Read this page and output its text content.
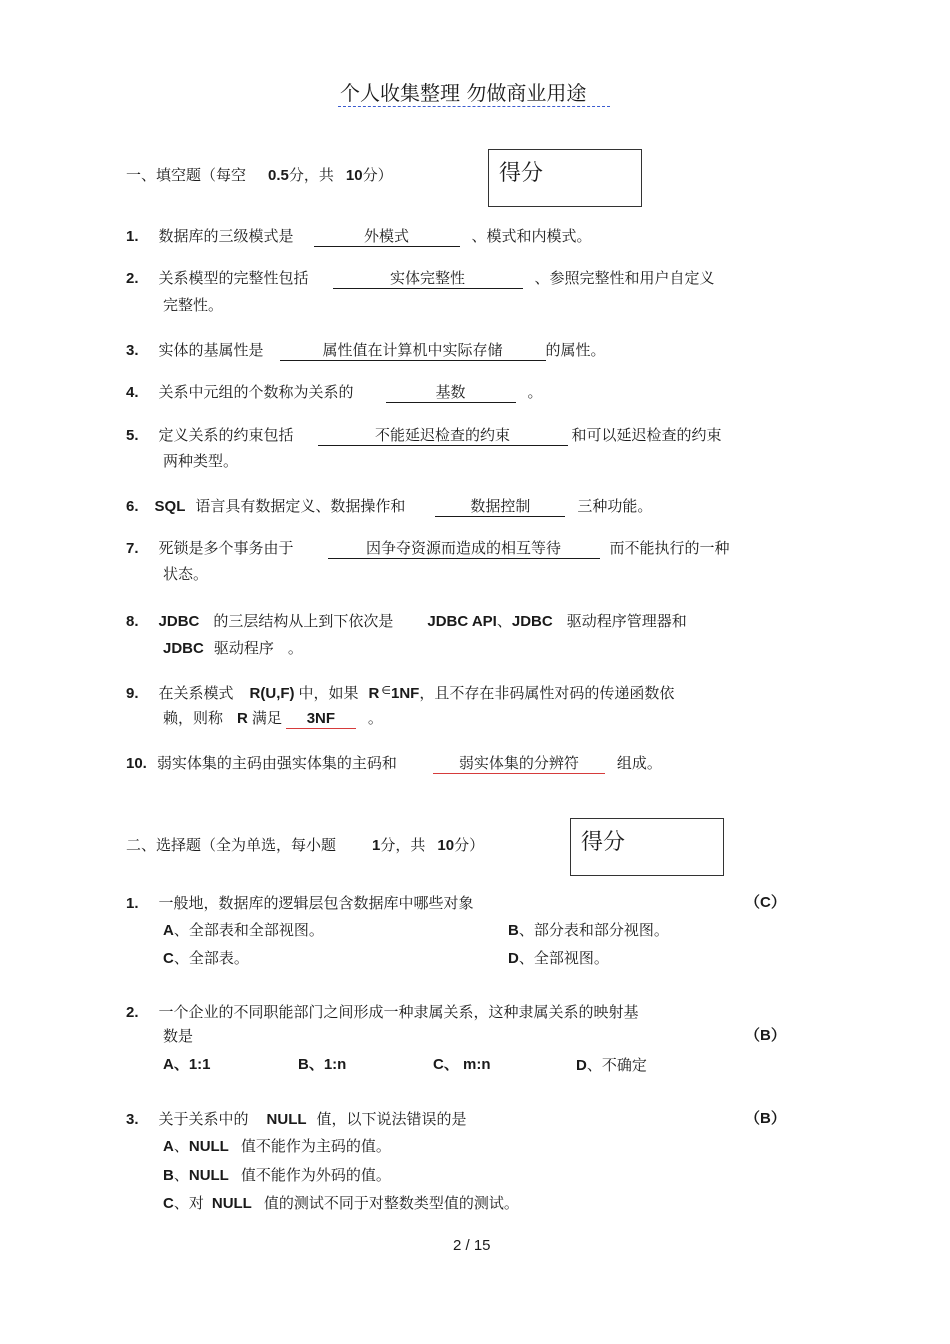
个人收集整理 勿做商业用途
一、填空题（每空 0.5分，共 10分）	得分
1. 数据库的三级模式是	外模式	、模式和内模式。
2. 关系模型的完整性包括	实体完整性	、参照完整性和用户自定义
完整性。
3. 实体的基属性是	属性值在计算机中实际存储	的属性。
4. 关系中元组的个数称为关系的	基数	。
5. 定义关系的约束包括	不能延迟检查的约束	和可以延迟检查的约束
两种类型。
6. SQL 语言具有数据定义、数据操作和	数据控制	三种功能。
7. 死锁是多个事务由于	因争夺资源而造成的相互等待	而不能执行的一种
状态。
8. JDBC 的三层结构从上到下依次是 JDBC API、JDBC 驱动程序管理器和
JDBC 驱动程序 。
9. 在关系模式 R(U,F) 中，如果 R ∈1NF，且不存在非码属性对码的传递函数依
赖，则称 R 满足 3NF 。
10. 弱实体集的主码由强实体集的主码和	弱实体集的分辨符	组成。
二、选择题（全为单选，每小题 1分，共 10分）	得分
1. 一般地，数据库的逻辑层包含数据库中哪些对象	（C）
A、全部表和全部视图。	B、部分表和部分视图。
C、全部表。	D、全部视图。
2. 一个企业的不同职能部门之间形成一种隶属关系，这种隶属关系的映射基
数是	（B）
A、1:1	B、1:n	C、 m:n	D、不确定
3. 关于关系中的 NULL 值，以下说法错误的是	（B）
A、NULL 值不能作为主码的值。
B、NULL 值不能作为外码的值。
C、对 NULL 值的测试不同于对整数类型值的测试。
2 / 15
